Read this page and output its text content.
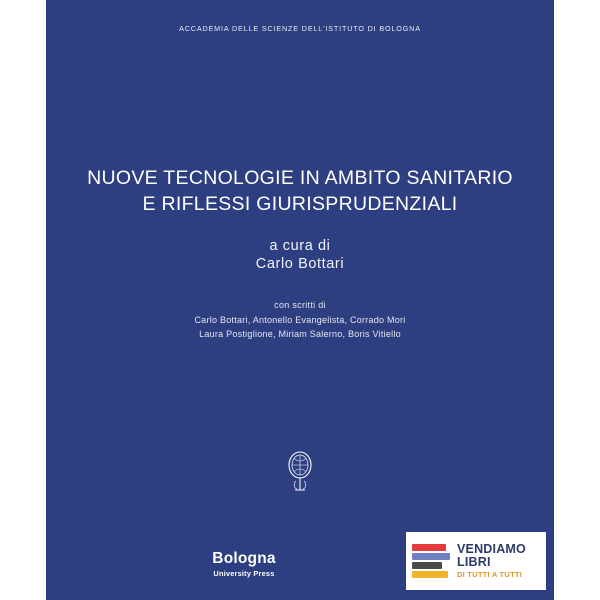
ACCADEMIA DELLE SCIENZE DELL'ISTITUTO DI BOLOGNA
NUOVE TECNOLOGIE IN AMBITO SANITARIO
E RIFLESSI GIURISPRUDENZIALI
a cura di
Carlo Bottari
con scritti di
Carlo Bottari, Antonello Evangelista, Corrado Mori
Laura Postiglione, Miriam Salerno, Boris Vitiello
Bologna
University Press
VENDIAMO
LIBRI
DI TUTTI A TUTTI
